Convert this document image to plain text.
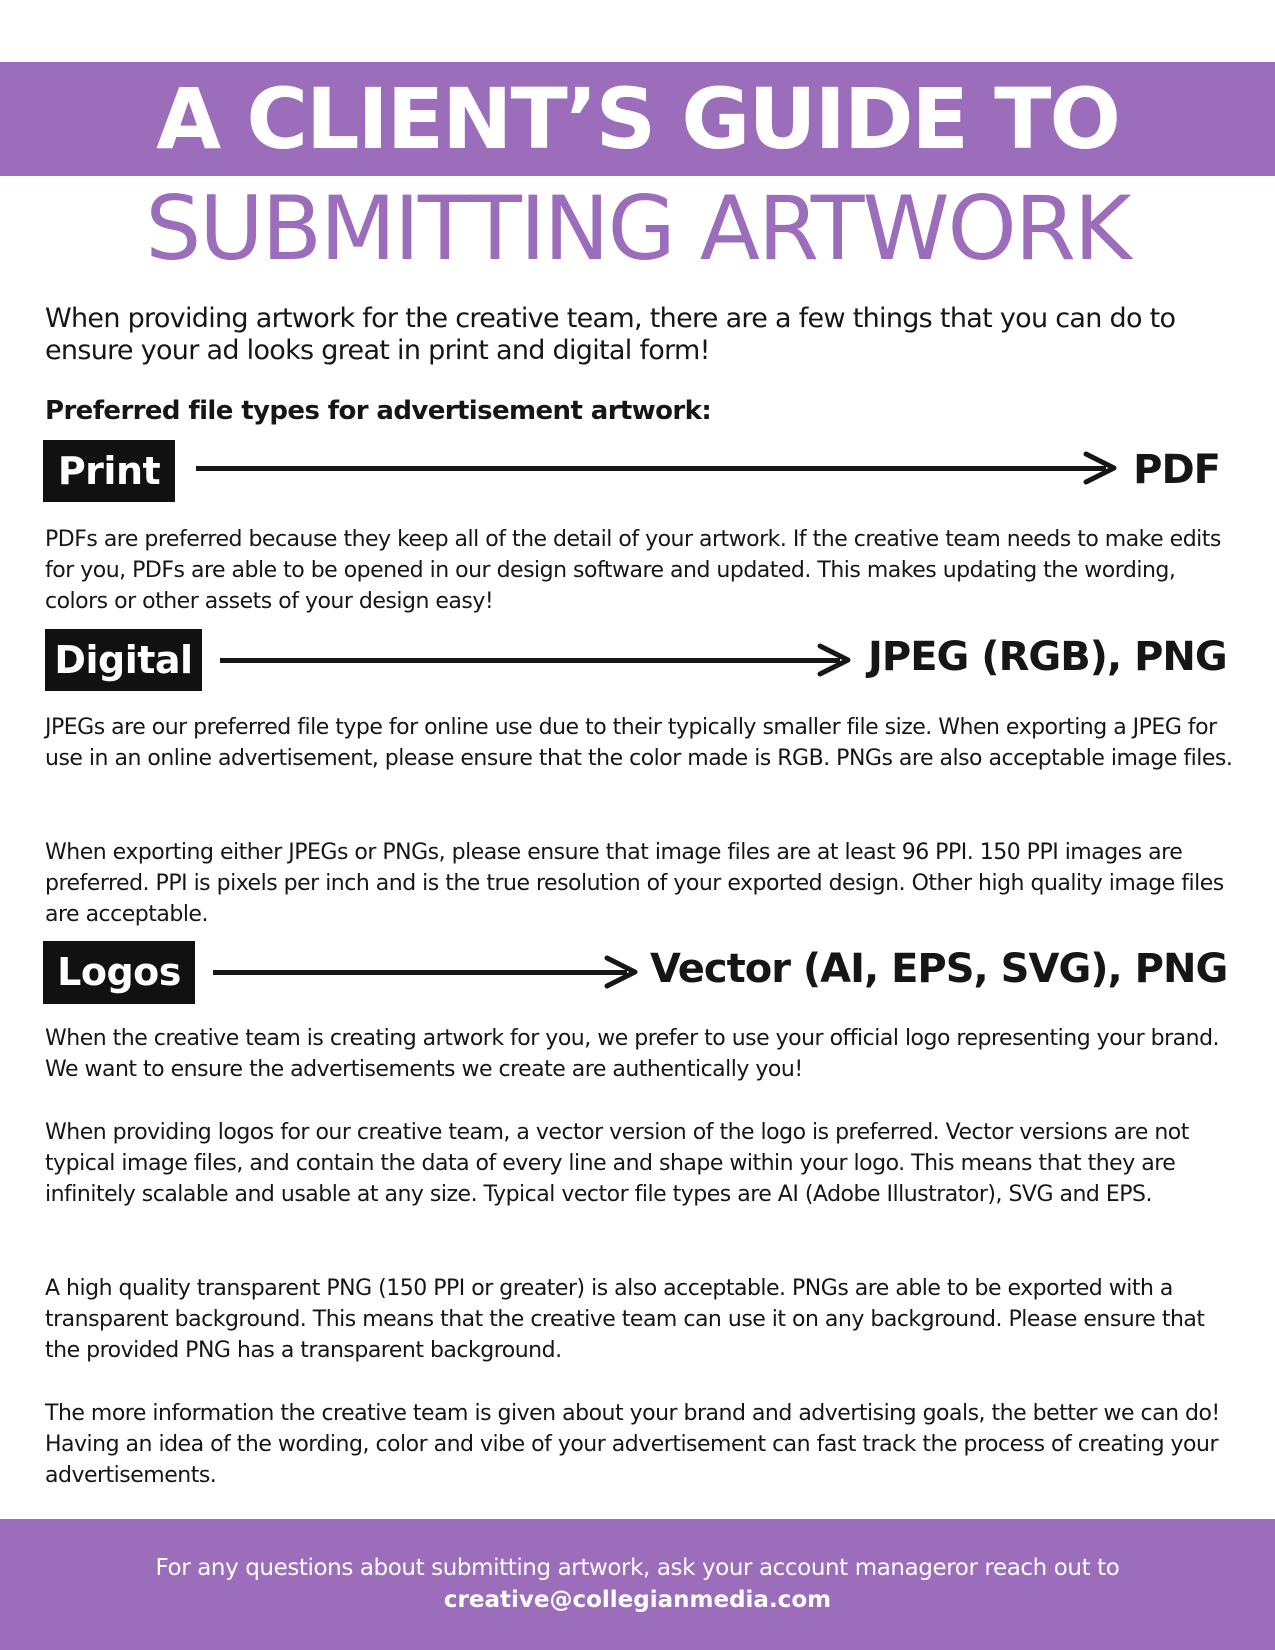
A CLIENT’S GUIDE TO
SUBMITTING ARTWORK

When providing artwork for the creative team, there are a few things that you can do to ensure your ad looks great in print and digital form!

Preferred file types for advertisement artwork:
Print	PDF

PDFs are preferred because they keep all of the detail of your artwork. If the creative team needs to make edits for you, PDFs are able to be opened in our design software and updated. This makes updating the wording, colors or other assets of your design easy!

Digital	JPEG (RGB), PNG

JPEGs are our preferred file type for online use due to their typically smaller file size. When exporting a JPEG for use in an online advertisement, please ensure that the color made is RGB. PNGs are also acceptable image files.

When exporting either JPEGs or PNGs, please ensure that image files are at least 96 PPI. 150 PPI images are preferred. PPI is pixels per inch and is the true resolution of your exported design. Other high quality image files are acceptable.

Logos	Vector (AI, EPS, SVG), PNG

When the creative team is creating artwork for you, we prefer to use your official logo representing your brand. We want to ensure the advertisements we create are authentically you!

When providing logos for our creative team, a vector version of the logo is preferred. Vector versions are not typical image files, and contain the data of every line and shape within your logo. This means that they are infinitely scalable and usable at any size. Typical vector file types are AI (Adobe Illustrator), SVG and EPS.

A high quality transparent PNG (150 PPI or greater) is also acceptable. PNGs are able to be exported with a transparent background. This means that the creative team can use it on any background. Please ensure that the provided PNG has a transparent background.

The more information the creative team is given about your brand and advertising goals, the better we can do! Having an idea of the wording, color and vibe of your advertisement can fast track the process of creating your advertisements.

For any questions about submitting artwork, ask your account managеror reach out to
creative@collegianmedia.com
